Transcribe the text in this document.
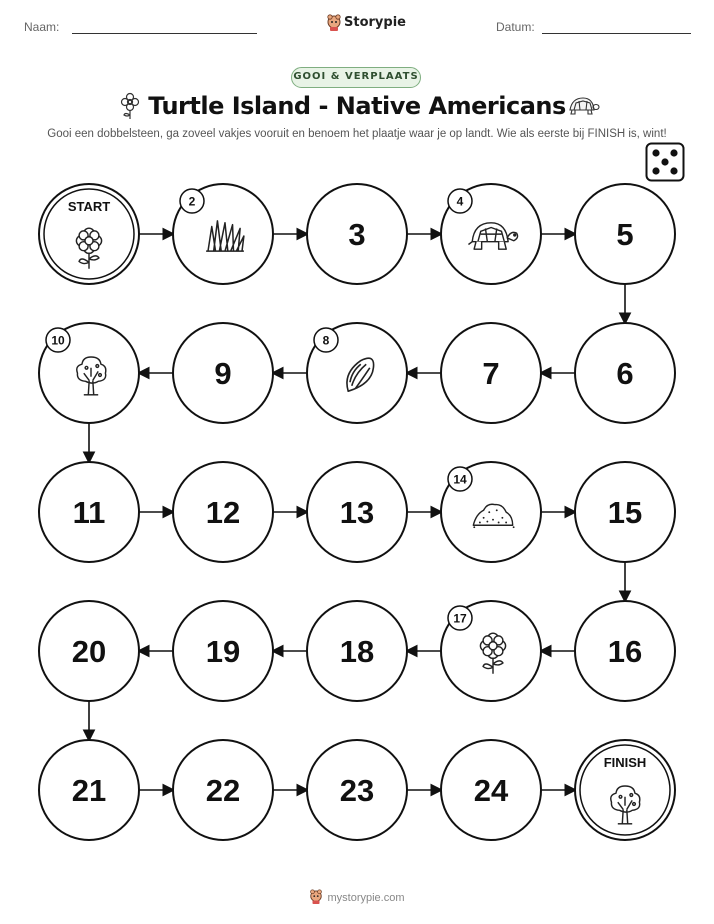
Naam:	Storypie	Datum:
GOOI & VERPLAATS
Turtle Island - Native Americans
Gooi een dobbelsteen, ga zoveel vakjes vooruit en benoem het plaatje waar je op landt. Wie als eerste bij FINISH is, wint!
START	2
3
4
5
6
7
8
9
10
11	12	13
14
15
16
17
18
19
20
21	22	23	24
FINISH
mystorypie.com
